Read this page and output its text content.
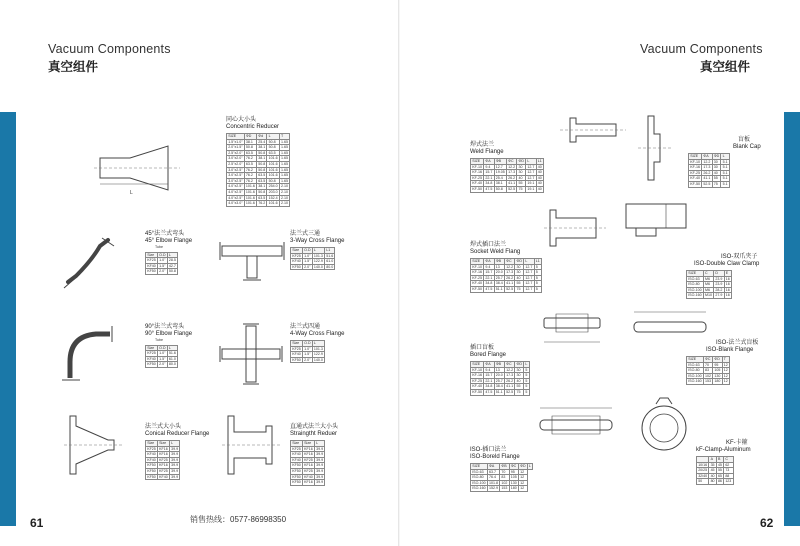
Vacuum Components
真空组件
L
同心大小头
Concentric Reducer
SIZE	ΦD	Φd	L	T
1.5"x1.0"	38.1	25.4	50.8	1.65
2.0"x1.5"	50.8	38.1	50.8	1.65
2.5"x2.0"	63.5	50.8	63.5	1.65
3.0"x2.0"	76.2	38.1	101.6	1.65
2.5"x2.0"	63.5	50.8	101.6	1.65
3.0"x2.5"	76.2	50.8	101.6	1.65
3.0"x2.5"	76.2	63.5	101.6	1.65
3.0"x2.5"	76.2	63.5	50.8	1.65
4.0"x2.5"	101.6	38.1	254.0	2.10
4.0"x2.5"	101.6	50.8	203.0	2.10
4.0"x2.5"	101.6	63.5	152.4	2.10
4.0"x3.0"	101.6	76.2	101.6	2.10
45°法兰式弯头
45° Elbow Flange
Tube
Size	O.D	L
KF25	1.0"	28.5
KF40	1.5"	42.7
KF50	2.0"	50.8
法兰式三通
3-Way Cross Flange
Size	O.D	L	L1
KF25	1.0"	101.3	51.6
KF40	1.5"	122.9	61.0
KF50	2.0"	140.0	80.0
90°法兰式弯头
90° Elbow Flange
Tube
Size	O.D	L
KF25	1.0"	51.6
KF40	1.5"	61.0
KF50	2.0"	80.0
法兰式四通
4-Way Cross Flange
Size	O.D	L
KF25	1.0"	101.3
KF40	1.5"	122.9
KF50	2.0"	140.0
法兰式大小头
Conical Reducer Flange
Size	Size	L
KF25	KF16	39.9
KF40	KF16	39.9
KF40	KF25	39.9
KF50	KF16	39.9
KF50	KF25	39.9
KF50	KF40	39.9
直通式法兰大小头
Straingtht Reduer
Size	Size	L
KF25	KF16	39.9
KF40	KF16	39.9
KF40	KF25	39.9
KF50	KF16	39.9
KF50	KF25	39.9
KF50	KF40	39.9
KF50	KF16	39.9
61	销售热线：0577-86998350
Vacuum Components
真空组件
焊式法兰
Weld Flange
SIZE	ΦA	ΦB	ΦC	ΦD	L	L1
KF-10	9.4	12.7	12.2	30	12.7	40
KF-16	15.7	19.05	17.3	30	12.7	40
KF-25	22.1	25.4	26.2	40	12.7	40
KF-40	34.8	38.1	41.1	55	19.1	40
KF-50	47.5	50.8	52.5	75	19.1	40
盲板
Blank Cap
SIZE	ΦA	ΦD	L
KF-10	12.2	30	5.1
KF-16	17.3	30	5.1
KF-25	26.2	40	5.1
KF-40	41.1	55	5.1
KF-50	52.5	75	5.1
焊式插口法兰
Socket Weld Flang
SIZE	ΦA	ΦB	ΦC	ΦD	L	L1
KF-10	9.4	13	12.2	30	12.7	5
KF-16	15.7	20.0	17.3	30	12.7	5
KF-25	22.1	25.7	26.2	40	12.7	5
KF-40	34.8	38.4	41.1	55	12.7	5
KF-50	47.5	51.1	52.5	75	12.7	5
ISO-双爪夹子
ISO-Double Claw Clamp
SIZE	C	D	E
ISO-63	M6	23.9	16
ISO-80	M6	23.9	16
ISO-100	M6	28.2	16
ISO-160	M10	27.9	16
插口盲板
Bored Flange
SIZE	ΦA	ΦB	ΦC	ΦD	L
KF-10	9.4	13	12.2	30	5
KF-16	15.7	20.0	17.3	30	5
KF-25	22.1	25.7	26.2	40	5
KF-40	34.8	38.4	41.1	55	5
KF-50	47.5	51.1	52.5	75	5
ISO-法兰式盲板
ISO-Blank Flange
SIZE	ΦC	ΦD	T
ISO-63	70	95	12
ISO-80	83	105	12
ISO-100	102	130	12
ISO-160	153	180	12
ISO-插口法兰
ISO-Boreld Flange
SIZE	ΦA	ΦB	ΦC	ΦD	L
ISO-63	63.7	70	95	12	
ISO-80	76.4	83	105	12	
ISO-100	101.8	102	130	12	
ISO-160	152.9	153	180	12	
KF-卡箍
kF-Clamp-Aluminum
	A	B	C
10/16	35	45	62
20/25	45	55	73
32/40	40	65	88
50	80	86	123
62
